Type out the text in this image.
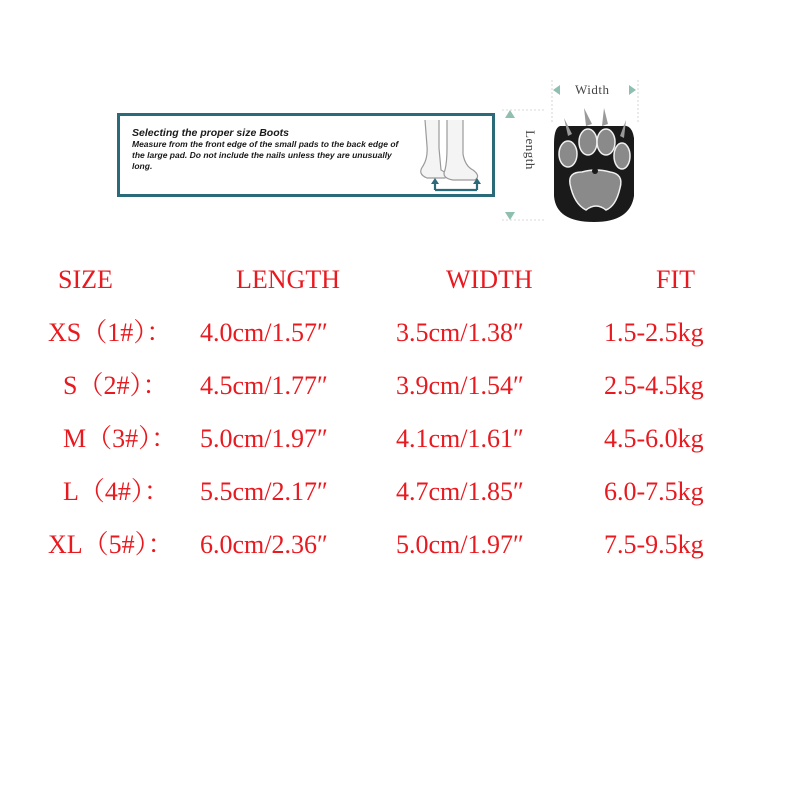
Selecting the proper size Boots
Measure from the front edge of the small pads to the back edge of the large pad. Do not include the nails unless they are unusually long.
Width
Length
SIZE	LENGTH	WIDTH	FIT
XS（1#）： 4.0cm/1.57″	3.5cm/1.38″	1.5-2.5kg
S（2#）： 4.5cm/1.77″	3.9cm/1.54″	2.5-4.5kg
M（3#）： 5.0cm/1.97″	4.1cm/1.61″	4.5-6.0kg
L（4#）： 5.5cm/2.17″	4.7cm/1.85″	6.0-7.5kg
XL（5#）： 6.0cm/2.36″	5.0cm/1.97″	7.5-9.5kg
